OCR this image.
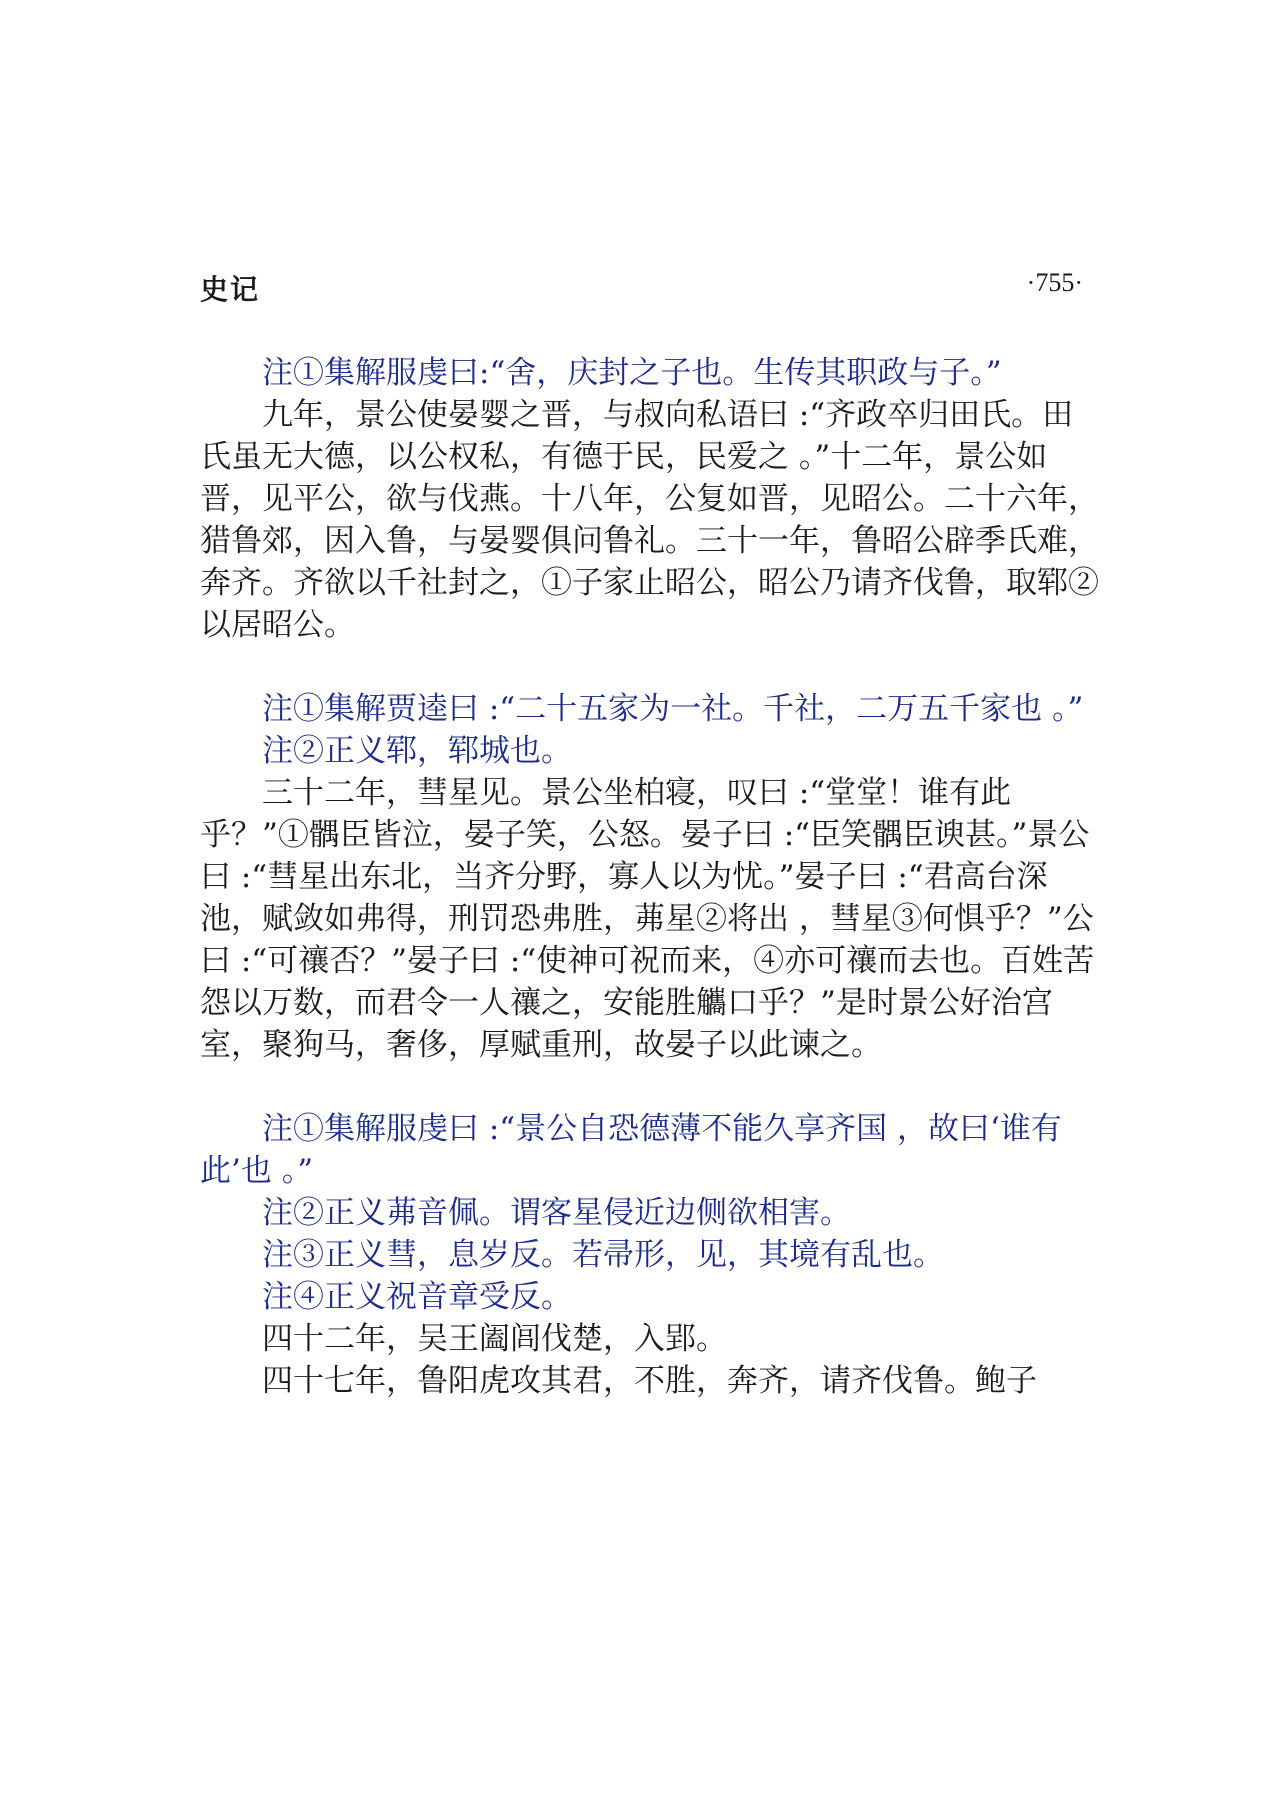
史记	·755·

注①集解服虔曰:“舍，庆封之子也。生传其职政与子。”

九年，景公使晏婴之晋，与叔向私语曰 :“齐政卒归田氏。田氏虽无大德，以公权私，有德于民，民爱之 。”十二年，景公如晋，见平公，欲与伐燕。十八年，公复如晋，见昭公。二十六年，猎鲁郊，因入鲁，与晏婴俱问鲁礼。三十一年，鲁昭公辟季氏难，奔齐。齐欲以千社封之，①子家止昭公，昭公乃请齐伐鲁，取郓②以居昭公。

注①集解贾逵曰 :“二十五家为一社。千社，二万五千家也 。”

注②正义郓，郓城也。

三十二年，彗星见。景公坐柏寝，叹曰 :“堂堂！谁有此乎？”①髃臣皆泣，晏子笑，公怒。晏子曰 :“臣笑髃臣谀甚。”景公曰 :“彗星出东北，当齐分野，寡人以为忧。”晏子曰 :“君高台深池，赋敛如弗得，刑罚恐弗胜，茀星②将出 ，彗星③何惧乎？”公曰 :“可禳否？”晏子曰 :“使神可祝而来，④亦可禳而去也。百姓苦怨以万数，而君令一人禳之，安能胜觿口乎？”是时景公好治宫室，聚狗马，奢侈，厚赋重刑，故晏子以此谏之。

注①集解服虔曰 :“景公自恐德薄不能久享齐国 ，故曰‘谁有此’也 。”

注②正义茀音佩。谓客星侵近边侧欲相害。

注③正义彗，息岁反。若帚形，见，其境有乱也。

注④正义祝音章受反。

四十二年，吴王阖闾伐楚，入郢。

四十七年，鲁阳虎攻其君，不胜，奔齐，请齐伐鲁。鲍子
